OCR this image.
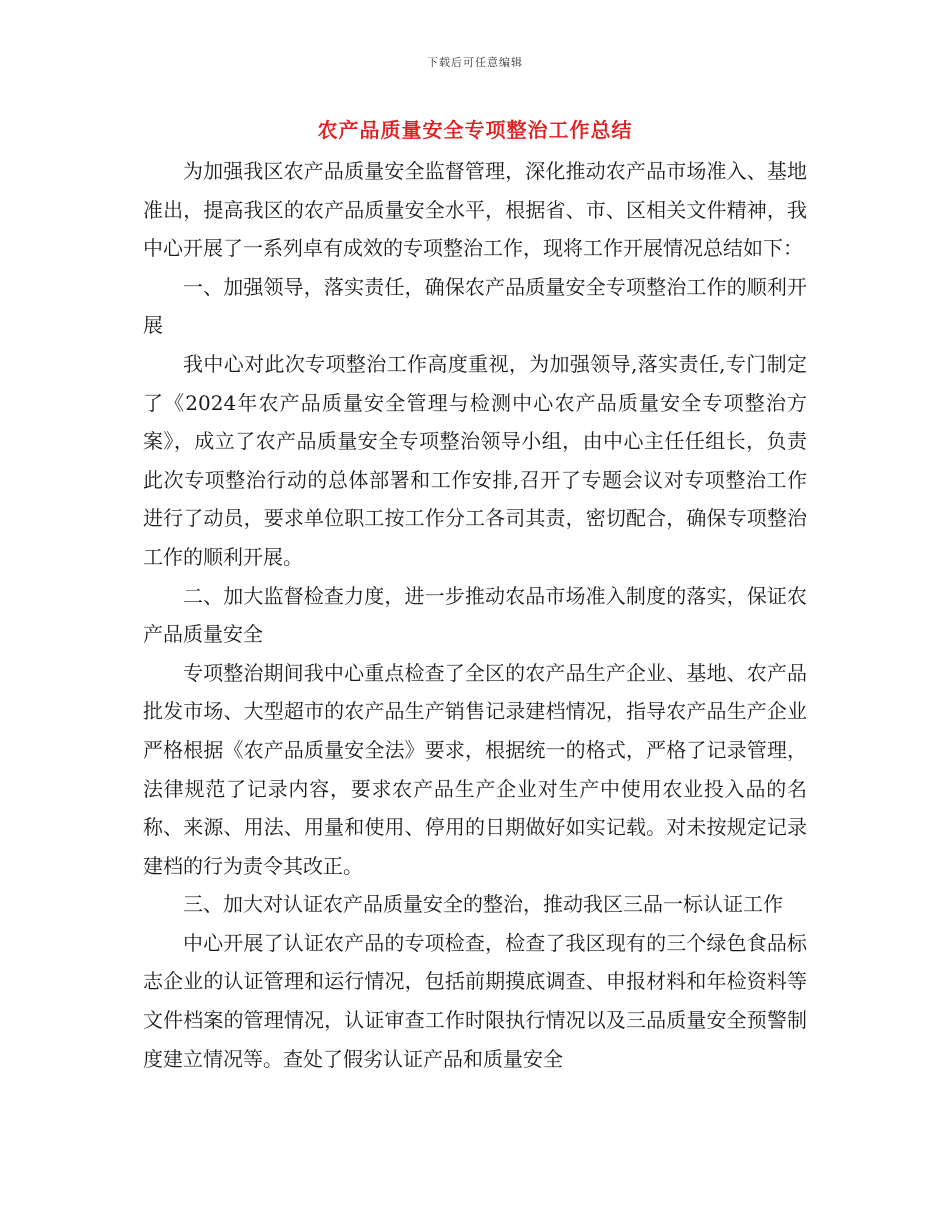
下载后可任意编辑
农产品质量安全专项整治工作总结

为加强我区农产品质量安全监督管理，深化推动农产品市场准入、基地准出，提高我区的农产品质量安全水平，根据省、市、区相关文件精神，我中心开展了一系列卓有成效的专项整治工作，现将工作开展情况总结如下：

一、加强领导，落实责任，确保农产品质量安全专项整治工作的顺利开展

我中心对此次专项整治工作高度重视，为加强领导,落实责任,专门制定了《2024年农产品质量安全管理与检测中心农产品质量安全专项整治方案》，成立了农产品质量安全专项整治领导小组，由中心主任任组长，负责此次专项整治行动的总体部署和工作安排,召开了专题会议对专项整治工作进行了动员，要求单位职工按工作分工各司其责，密切配合，确保专项整治工作的顺利开展。

二、加大监督检查力度，进一步推动农品市场准入制度的落实，保证农产品质量安全

专项整治期间我中心重点检查了全区的农产品生产企业、基地、农产品批发市场、大型超市的农产品生产销售记录建档情况，指导农产品生产企业严格根据《农产品质量安全法》要求，根据统一的格式，严格了记录管理，法律规范了记录内容，要求农产品生产企业对生产中使用农业投入品的名称、来源、用法、用量和使用、停用的日期做好如实记载。对未按规定记录建档的行为责令其改正。

三、加大对认证农产品质量安全的整治，推动我区三品一标认证工作

中心开展了认证农产品的专项检查，检查了我区现有的三个绿色食品标志企业的认证管理和运行情况，包括前期摸底调查、申报材料和年检资料等文件档案的管理情况，认证审查工作时限执行情况以及三品质量安全预警制度建立情况等。查处了假劣认证产品和质量安全
